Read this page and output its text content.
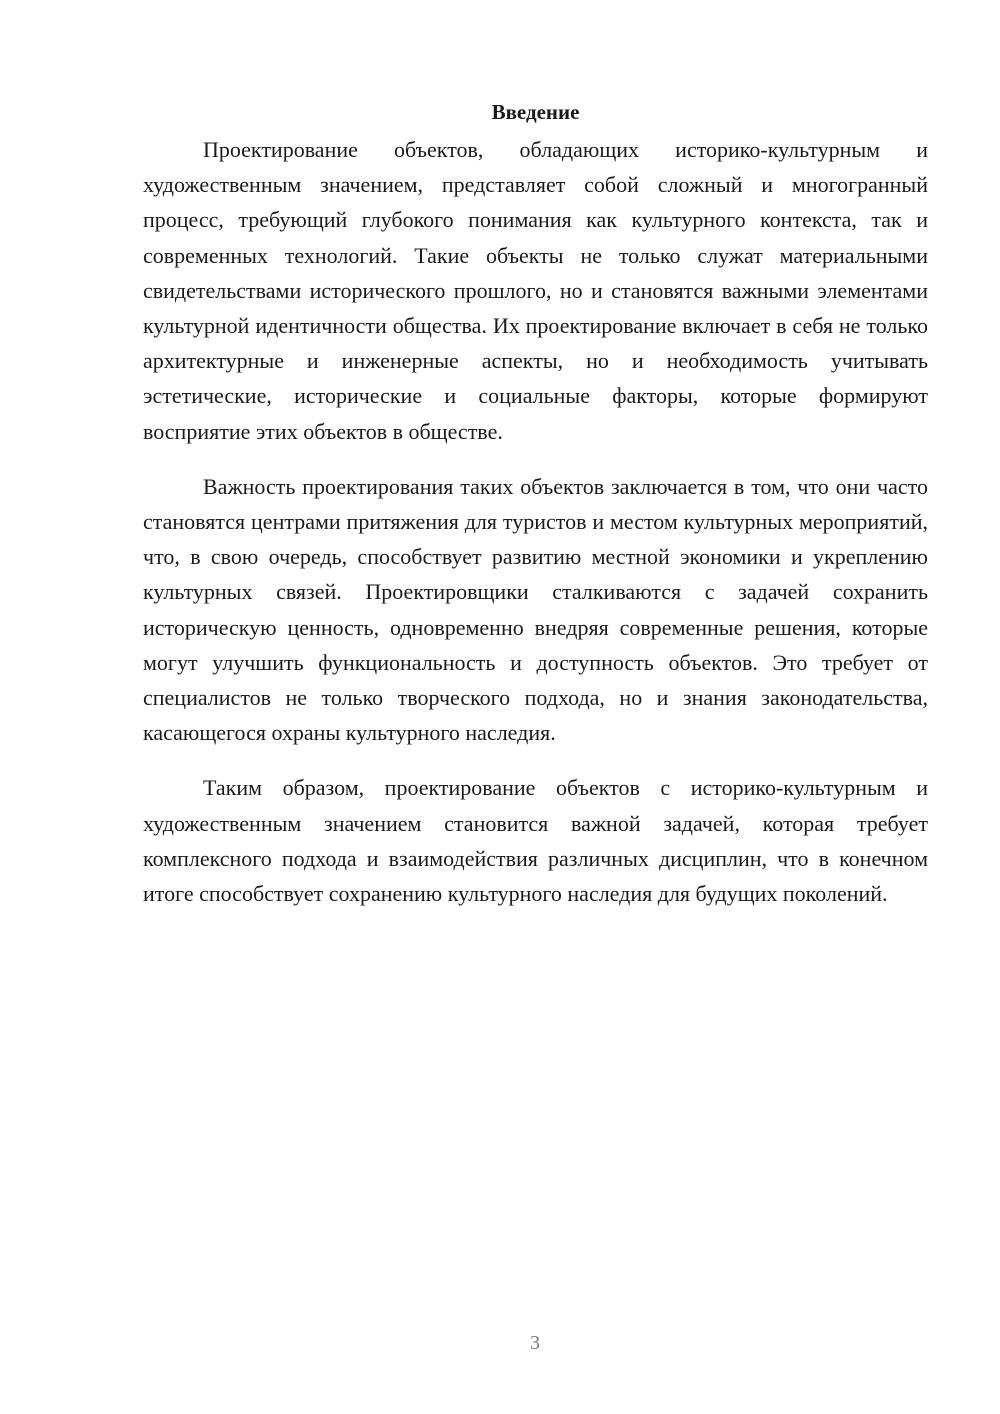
Введение

Проектирование объектов, обладающих историко-культурным и художественным значением, представляет собой сложный и многогранный процесс, требующий глубокого понимания как культурного контекста, так и современных технологий. Такие объекты не только служат материальными свидетельствами исторического прошлого, но и становятся важными элементами культурной идентичности общества. Их проектирование включает в себя не только архитектурные и инженерные аспекты, но и необходимость учитывать эстетические, исторические и социальные факторы, которые формируют восприятие этих объектов в обществе.

Важность проектирования таких объектов заключается в том, что они часто становятся центрами притяжения для туристов и местом культурных мероприятий, что, в свою очередь, способствует развитию местной экономики и укреплению культурных связей. Проектировщики сталкиваются с задачей сохранить историческую ценность, одновременно внедряя современные решения, которые могут улучшить функциональность и доступность объектов. Это требует от специалистов не только творческого подхода, но и знания законодательства, касающегося охраны культурного наследия.

Таким образом, проектирование объектов с историко-культурным и художественным значением становится важной задачей, которая требует комплексного подхода и взаимодействия различных дисциплин, что в конечном итоге способствует сохранению культурного наследия для будущих поколений.

3
